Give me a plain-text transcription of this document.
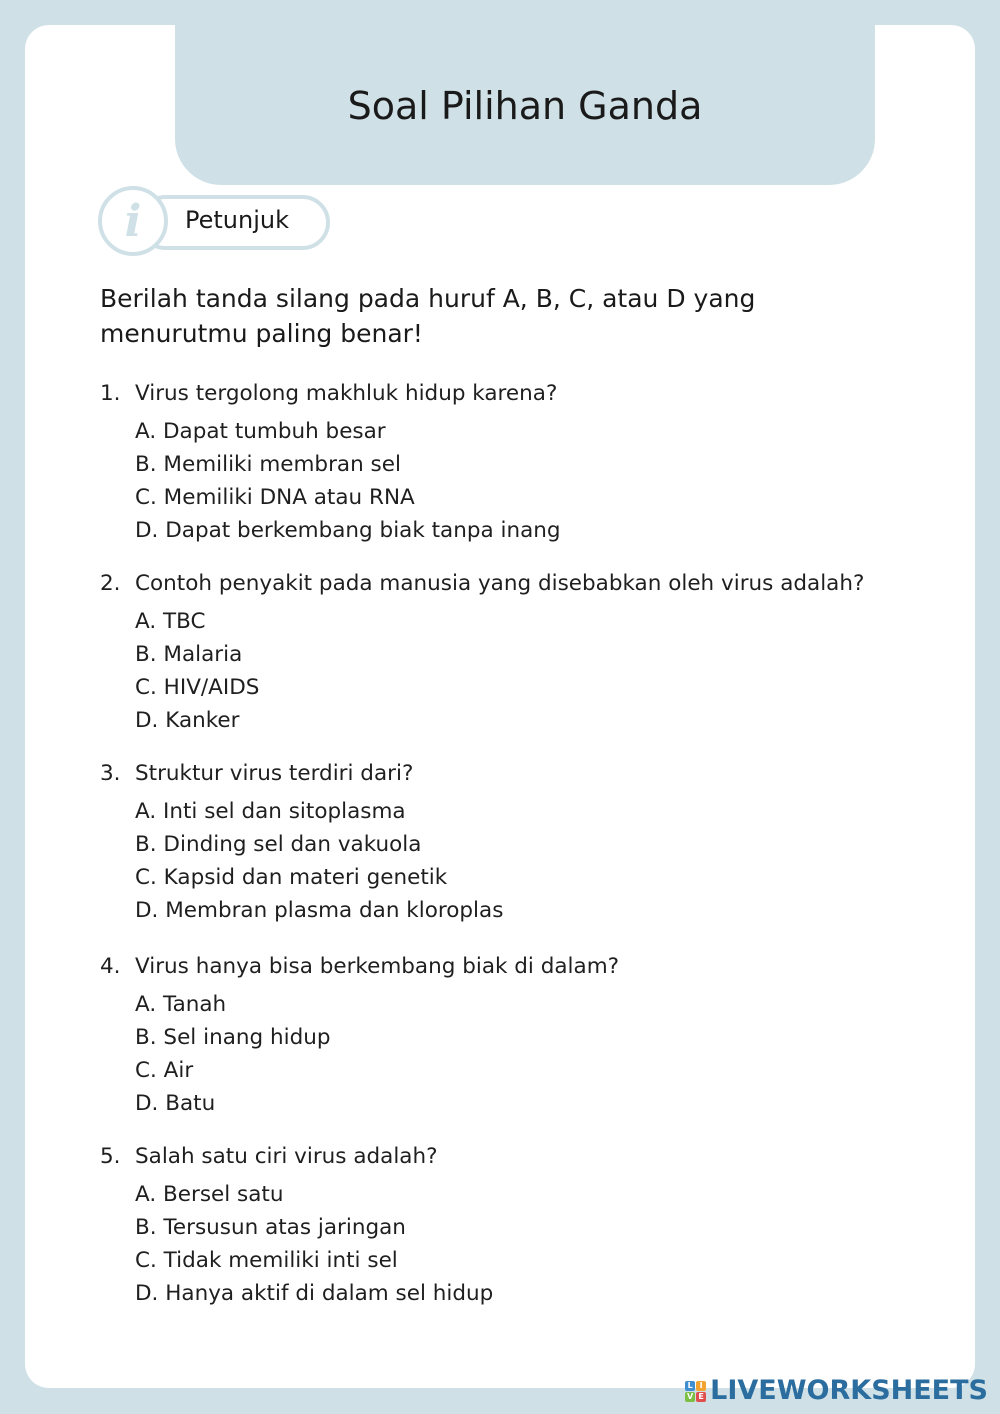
Soal Pilihan Ganda
Petunjuk
i

Berilah tanda silang pada huruf A, B, C, atau D yang menurutmu paling benar!

1. Virus tergolong makhluk hidup karena?
A. Dapat tumbuh besar
B. Memiliki membran sel
C. Memiliki DNA atau RNA
D. Dapat berkembang biak tanpa inang
2. Contoh penyakit pada manusia yang disebabkan oleh virus adalah?
A. TBC
B. Malaria
C. HIV/AIDS
D. Kanker
3. Struktur virus terdiri dari?
A. Inti sel dan sitoplasma
B. Dinding sel dan vakuola
C. Kapsid dan materi genetik
D. Membran plasma dan kloroplas
4. Virus hanya bisa berkembang biak di dalam?
A. Tanah
B. Sel inang hidup
C. Air
D. Batu
5. Salah satu ciri virus adalah?
A. Bersel satu
B. Tersusun atas jaringan
C. Tidak memiliki inti sel
D. Hanya aktif di dalam sel hidup
L I
V E LIVEWORKSHEETS
